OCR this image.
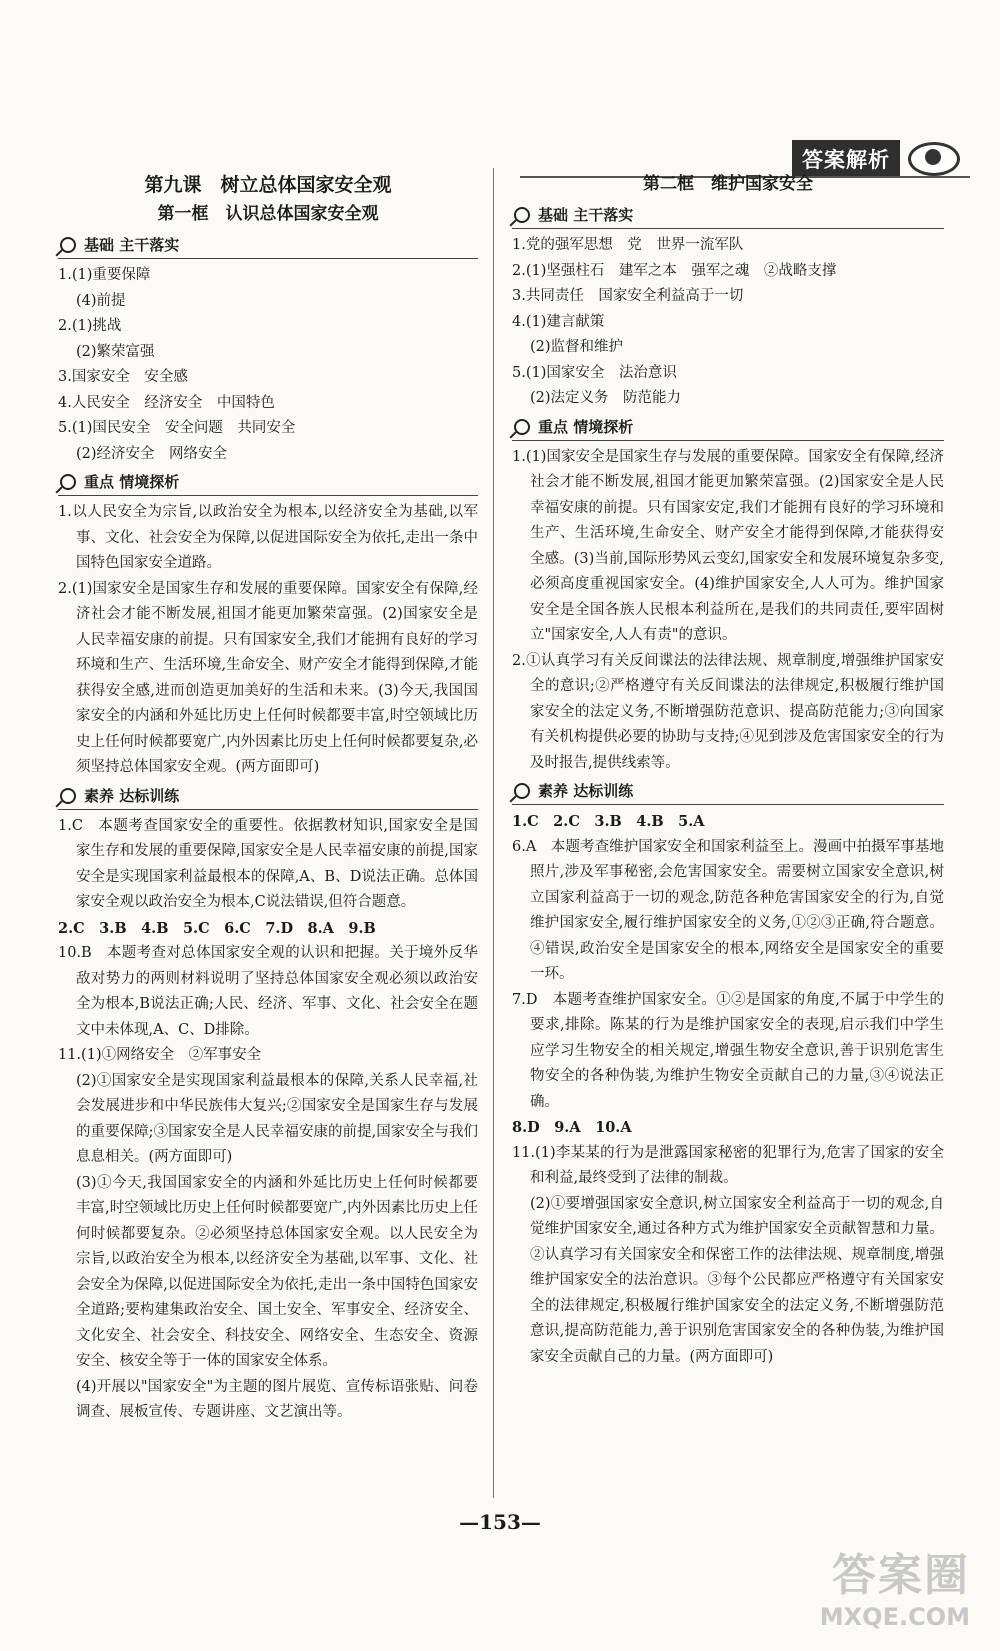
答案解析
第九课　树立总体国家安全观
第一框　认识总体国家安全观
基础 主干落实
1.(1)重要保障
(4)前提
2.(1)挑战
(2)繁荣富强
3.国家安全　安全感
4.人民安全　经济安全　中国特色
5.(1)国民安全　安全问题　共同安全
(2)经济安全　网络安全
重点 情境探析
1.以人民安全为宗旨,以政治安全为根本,以经济安全为基础,以军事、文化、社会安全为保障,以促进国际安全为依托,走出一条中国特色国家安全道路。
2.(1)国家安全是国家生存和发展的重要保障。国家安全有保障,经济社会才能不断发展,祖国才能更加繁荣富强。(2)国家安全是人民幸福安康的前提。只有国家安全,我们才能拥有良好的学习环境和生产、生活环境,生命安全、财产安全才能得到保障,才能获得安全感,进而创造更加美好的生活和未来。(3)今天,我国国家安全的内涵和外延比历史上任何时候都要丰富,时空领域比历史上任何时候都要宽广,内外因素比历史上任何时候都要复杂,必须坚持总体国家安全观。(两方面即可)
素养 达标训练
1.C　本题考查国家安全的重要性。依据教材知识,国家安全是国家生存和发展的重要保障,国家安全是人民幸福安康的前提,国家安全是实现国家利益最根本的保障,A、B、D说法正确。总体国家安全观以政治安全为根本,C说法错误,但符合题意。
2.C　3.B　4.B　5.C　6.C　7.D　8.A　9.B
10.B　本题考查对总体国家安全观的认识和把握。关于境外反华敌对势力的两则材料说明了坚持总体国家安全观必须以政治安全为根本,B说法正确;人民、经济、军事、文化、社会安全在题文中未体现,A、C、D排除。
11.(1)①网络安全　②军事安全
(2)①国家安全是实现国家利益最根本的保障,关系人民幸福,社会发展进步和中华民族伟大复兴;②国家安全是国家生存与发展的重要保障;③国家安全是人民幸福安康的前提,国家安全与我们息息相关。(两方面即可)
(3)①今天,我国国家安全的内涵和外延比历史上任何时候都要丰富,时空领域比历史上任何时候都要宽广,内外因素比历史上任何时候都要复杂。②必须坚持总体国家安全观。以人民安全为宗旨,以政治安全为根本,以经济安全为基础,以军事、文化、社会安全为保障,以促进国际安全为依托,走出一条中国特色国家安全道路;要构建集政治安全、国土安全、军事安全、经济安全、文化安全、社会安全、科技安全、网络安全、生态安全、资源安全、核安全等于一体的国家安全体系。
(4)开展以"国家安全"为主题的图片展览、宣传标语张贴、问卷调查、展板宣传、专题讲座、文艺演出等。
第二框　维护国家安全
基础 主干落实
1.党的强军思想　党　世界一流军队
2.(1)坚强柱石　建军之本　强军之魂　②战略支撑
3.共同责任　国家安全利益高于一切
4.(1)建言献策
(2)监督和维护
5.(1)国家安全　法治意识
(2)法定义务　防范能力
重点 情境探析
1.(1)国家安全是国家生存与发展的重要保障。国家安全有保障,经济社会才能不断发展,祖国才能更加繁荣富强。(2)国家安全是人民幸福安康的前提。只有国家安定,我们才能拥有良好的学习环境和生产、生活环境,生命安全、财产安全才能得到保障,才能获得安全感。(3)当前,国际形势风云变幻,国家安全和发展环境复杂多变,必须高度重视国家安全。(4)维护国家安全,人人可为。维护国家安全是全国各族人民根本利益所在,是我们的共同责任,要牢固树立"国家安全,人人有责"的意识。
2.①认真学习有关反间谍法的法律法规、规章制度,增强维护国家安全的意识;②严格遵守有关反间谍法的法律规定,积极履行维护国家安全的法定义务,不断增强防范意识、提高防范能力;③向国家有关机构提供必要的协助与支持;④见到涉及危害国家安全的行为及时报告,提供线索等。
素养 达标训练
1.C　2.C　3.B　4.B　5.A
6.A　本题考查维护国家安全和国家利益至上。漫画中拍摄军事基地照片,涉及军事秘密,会危害国家安全。需要树立国家安全意识,树立国家利益高于一切的观念,防范各种危害国家安全的行为,自觉维护国家安全,履行维护国家安全的义务,①②③正确,符合题意。④错误,政治安全是国家安全的根本,网络安全是国家安全的重要一环。
7.D　本题考查维护国家安全。①②是国家的角度,不属于中学生的要求,排除。陈某的行为是维护国家安全的表现,启示我们中学生应学习生物安全的相关规定,增强生物安全意识,善于识别危害生物安全的各种伪装,为维护生物安全贡献自己的力量,③④说法正确。
8.D　9.A　10.A
11.(1)李某某的行为是泄露国家秘密的犯罪行为,危害了国家的安全和利益,最终受到了法律的制裁。
(2)①要增强国家安全意识,树立国家安全利益高于一切的观念,自觉维护国家安全,通过各种方式为维护国家安全贡献智慧和力量。②认真学习有关国家安全和保密工作的法律法规、规章制度,增强维护国家安全的法治意识。③每个公民都应严格遵守有关国家安全的法律规定,积极履行维护国家安全的法定义务,不断增强防范意识,提高防范能力,善于识别危害国家安全的各种伪装,为维护国家安全贡献自己的力量。(两方面即可)
—153—
答案圈
MXQE.COM
